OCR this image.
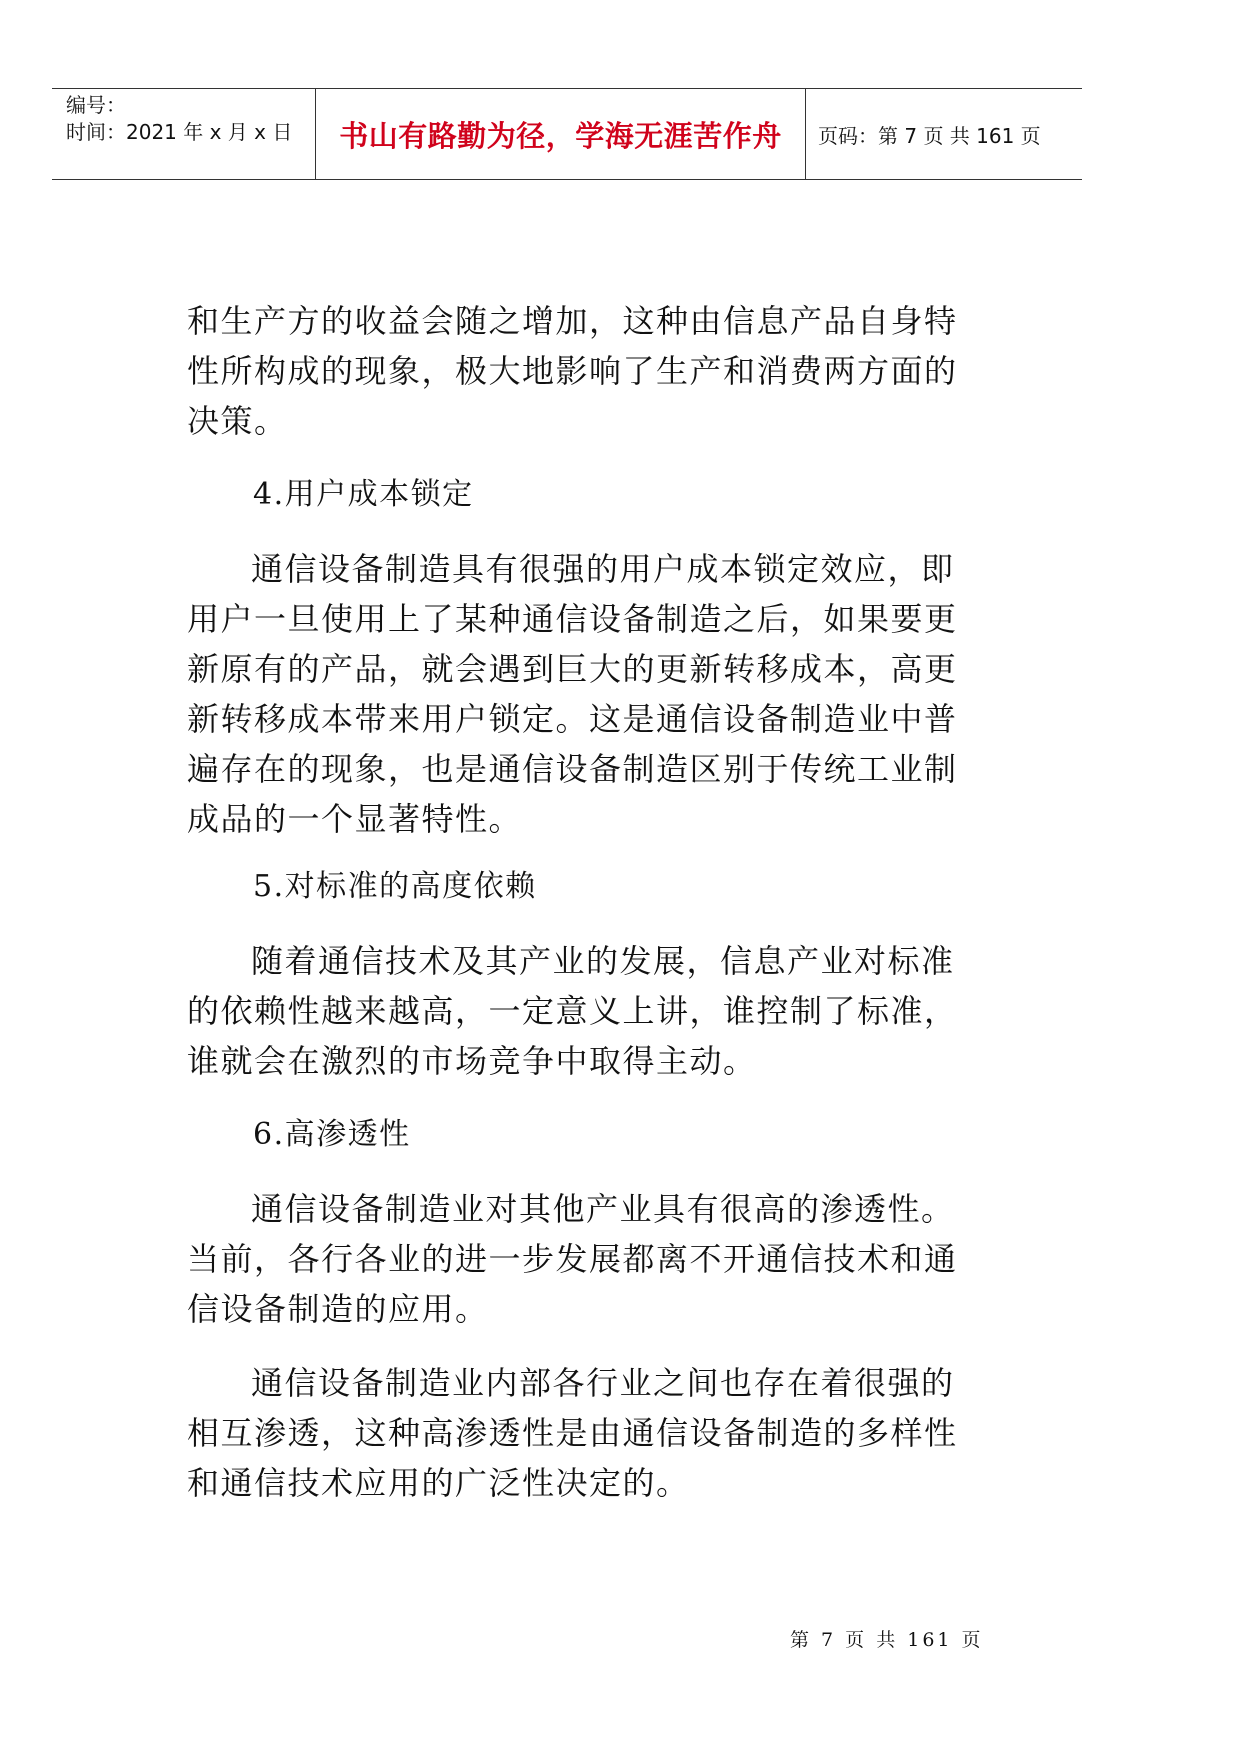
编号：
时间：2021 年 x 月 x 日	书山有路勤为径，学海无涯苦作舟	页码：第 7 页 共 161 页

和生产方的收益会随之增加，这种由信息产品自身特性所构成的现象，极大地影响了生产和消费两方面的决策。

4.用户成本锁定

通信设备制造具有很强的用户成本锁定效应，即用户一旦使用上了某种通信设备制造之后，如果要更新原有的产品，就会遇到巨大的更新转移成本，高更新转移成本带来用户锁定。这是通信设备制造业中普遍存在的现象，也是通信设备制造区别于传统工业制成品的一个显著特性。

5.对标准的高度依赖

随着通信技术及其产业的发展，信息产业对标准的依赖性越来越高，一定意义上讲，谁控制了标准，谁就会在激烈的市场竞争中取得主动。

6.高渗透性

通信设备制造业对其他产业具有很高的渗透性。当前，各行各业的进一步发展都离不开通信技术和通信设备制造的应用。

通信设备制造业内部各行业之间也存在着很强的相互渗透，这种高渗透性是由通信设备制造的多样性和通信技术应用的广泛性决定的。

第 7 页 共 161 页
